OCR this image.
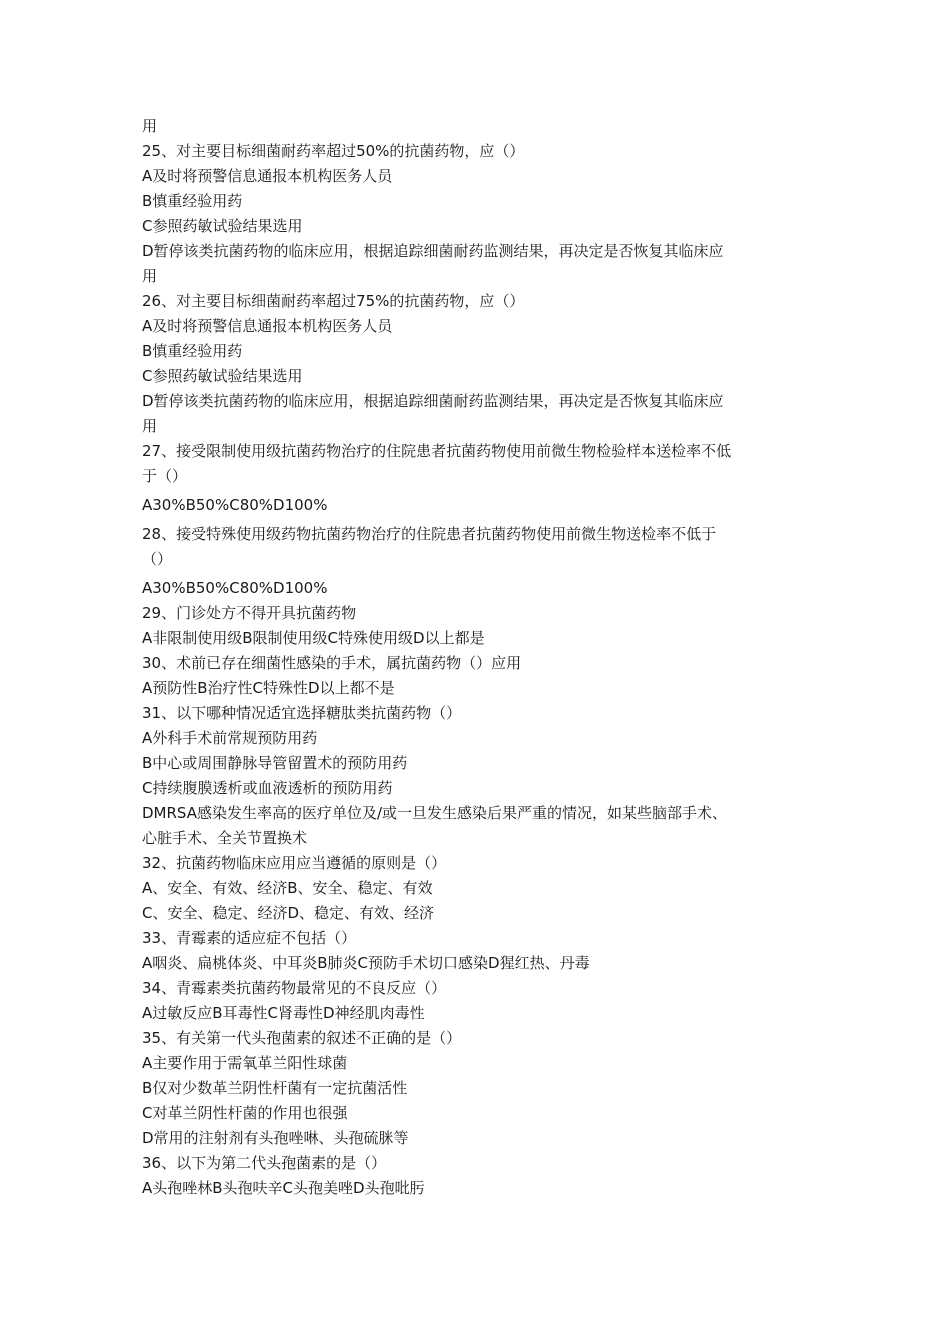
用
25、对主要目标细菌耐药率超过50%的抗菌药物，应（）
A及时将预警信息通报本机构医务人员
B慎重经验用药
C参照药敏试验结果选用
D暂停该类抗菌药物的临床应用，根据追踪细菌耐药监测结果，再决定是否恢复其临床应
用
26、对主要目标细菌耐药率超过75%的抗菌药物，应（）
A及时将预警信息通报本机构医务人员
B慎重经验用药
C参照药敏试验结果选用
D暂停该类抗菌药物的临床应用，根据追踪细菌耐药监测结果，再决定是否恢复其临床应
用
27、接受限制使用级抗菌药物治疗的住院患者抗菌药物使用前微生物检验样本送检率不低
于（）
A30%B50%C80%D100%
28、接受特殊使用级药物抗菌药物治疗的住院患者抗菌药物使用前微生物送检率不低于
（）
A30%B50%C80%D100%
29、门诊处方不得开具抗菌药物
A非限制使用级B限制使用级C特殊使用级D以上都是
30、术前已存在细菌性感染的手术，属抗菌药物（）应用
A预防性B治疗性C特殊性D以上都不是
31、以下哪种情况适宜选择糖肽类抗菌药物（）
A外科手术前常规预防用药
B中心或周围静脉导管留置术的预防用药
C持续腹膜透析或血液透析的预防用药
DMRSA感染发生率高的医疗单位及/或一旦发生感染后果严重的情况，如某些脑部手术、
心脏手术、全关节置换术
32、抗菌药物临床应用应当遵循的原则是（）
A、安全、有效、经济B、安全、稳定、有效
C、安全、稳定、经济D、稳定、有效、经济
33、青霉素的适应症不包括（）
A咽炎、扁桃体炎、中耳炎B肺炎C预防手术切口感染D猩红热、丹毒
34、青霉素类抗菌药物最常见的不良反应（）
A过敏反应B耳毒性C肾毒性D神经肌肉毒性
35、有关第一代头孢菌素的叙述不正确的是（）
A主要作用于需氧革兰阳性球菌
B仅对少数革兰阴性杆菌有一定抗菌活性
C对革兰阴性杆菌的作用也很强
D常用的注射剂有头孢唑啉、头孢硫脒等
36、以下为第二代头孢菌素的是（）
A头孢唑林B头孢呋辛C头孢美唑D头孢吡肟
